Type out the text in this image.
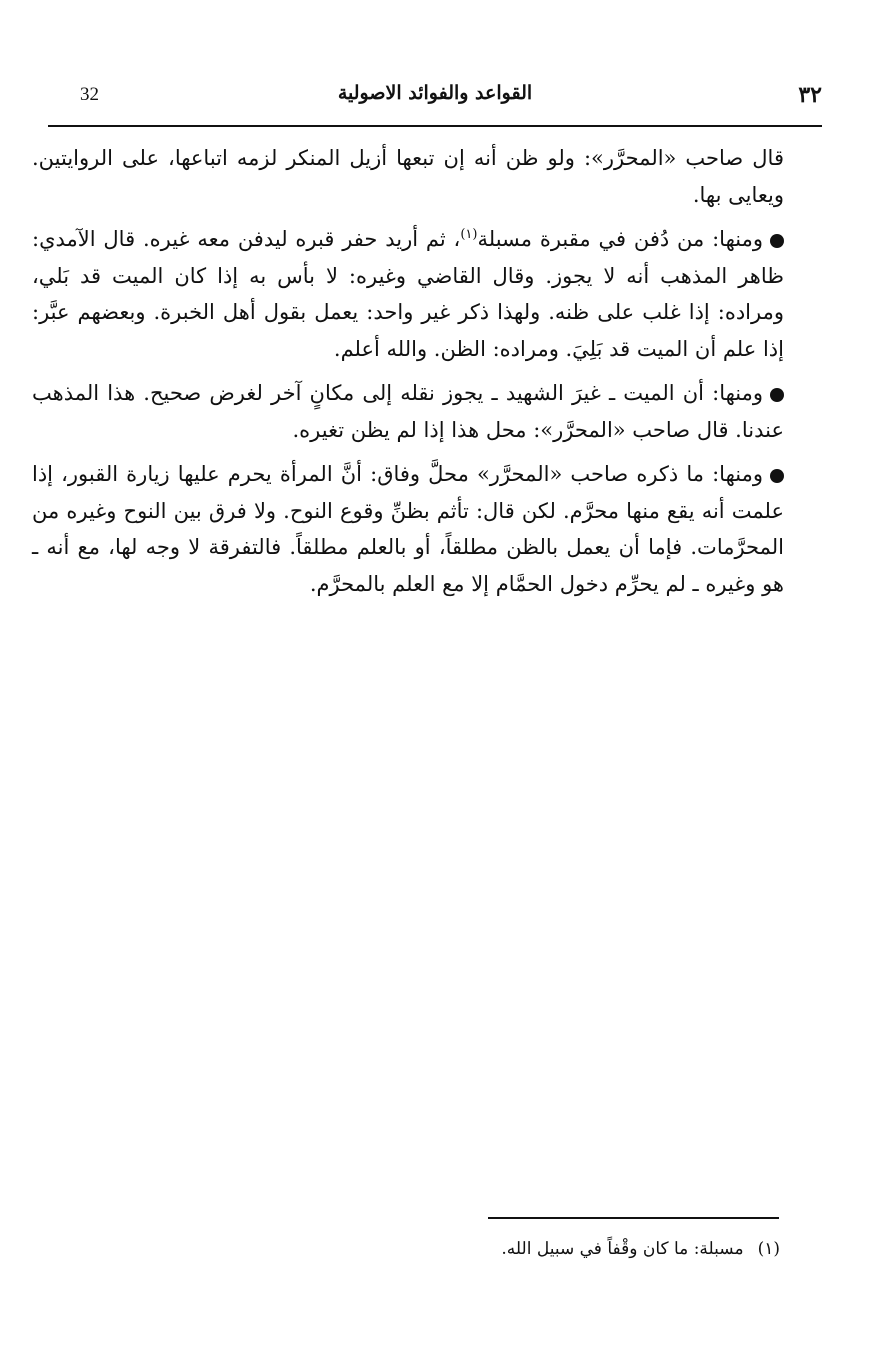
32	القواعد والفوائد الاصولية	٣٢

قال صاحب «المحرَّر»: ولو ظن أنه إن تبعها أزيل المنكر لزمه اتباعها، على الروايتين. ويعايى بها.

ومنها: من دُفن في مقبرة مسبلة$^{(١)}$، ثم أريد حفر قبره ليدفن معه غيره. قال الآمدي: ظاهر المذهب أنه لا يجوز. وقال القاضي وغيره: لا بأس به إذا كان الميت قد بَلي، ومراده: إذا غلب على ظنه. ولهذا ذكر غير واحد: يعمل بقول أهل الخبرة. وبعضهم عبَّر: إذا علم أن الميت قد بَلِيَ. ومراده: الظن. والله أعلم.

ومنها: أن الميت ـ غيرَ الشهيد ـ يجوز نقله إلى مكانٍ آخر لغرض صحيح. هذا المذهب عندنا. قال صاحب «المحرَّر»: محل هذا إذا لم يظن تغيره.

ومنها: ما ذكره صاحب «المحرَّر» محلَّ وفاق: أنَّ المرأة يحرم عليها زيارة القبور، إذا علمت أنه يقع منها محرَّم. لكن قال: تأثم بظنِّ وقوع النوح. ولا فرق بين النوح وغيره من المحرَّمات. فإما أن يعمل بالظن مطلقاً، أو بالعلم مطلقاً. فالتفرقة لا وجه لها، مع أنه ـ هو وغيره ـ لم يحرِّم دخول الحمَّام إلا مع العلم بالمحرَّم.

(١)مسبلة: ما كان وقْفاً في سبيل الله.
